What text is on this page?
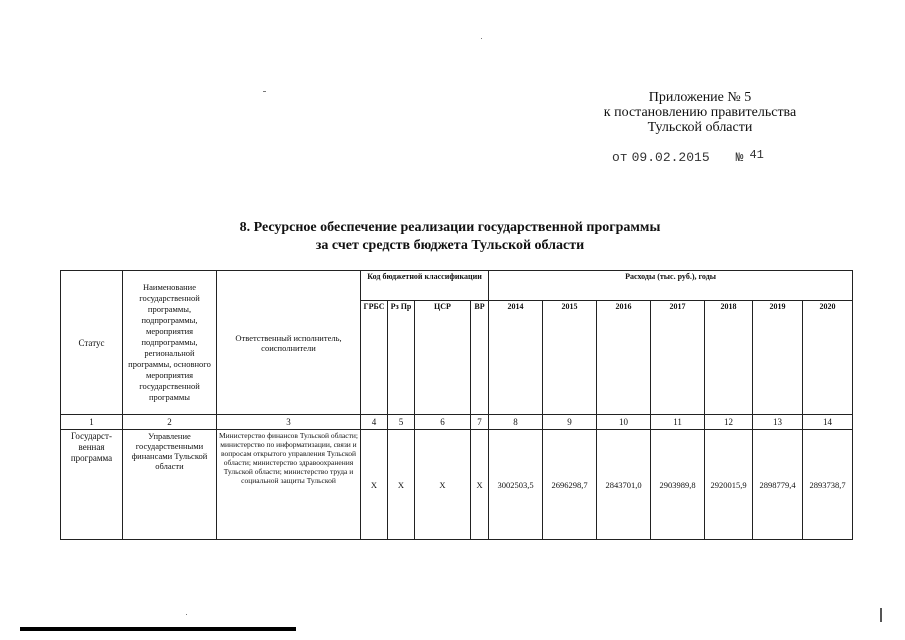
Приложение № 5
к постановлению правительства
Тульской области
от 09.02.2015 № 41
8. Ресурсное обеспечение реализации государственной программы
за счет средств бюджета Тульской области
Статус	Наименование государственной программы, подпрограммы, мероприятия подпрограммы, региональной программы, основного мероприятия государственной программы	Ответственный исполнитель, соисполнители	Код бюджетной классификации				Расходы (тыс. руб.), годы						
			ГРБС	Рз Пр	ЦСР	ВР	2014	2015	2016	2017	2018	2019	2020
1	2	3	4	5	6	7	8	9	10	11	12	13	14
Государст-венная программа	Управление государственными финансами Тульской области	Министерство финансов Тульской области; министерство по информатизации, связи и вопросам открытого управления Тульской области; министерство здравоохранения Тульской области; министерство труда и социальной защиты Тульской	Х	Х	Х	Х	3002503,5	2696298,7	2843701,0	2903989,8	2920015,9	2898779,4	2893738,7
